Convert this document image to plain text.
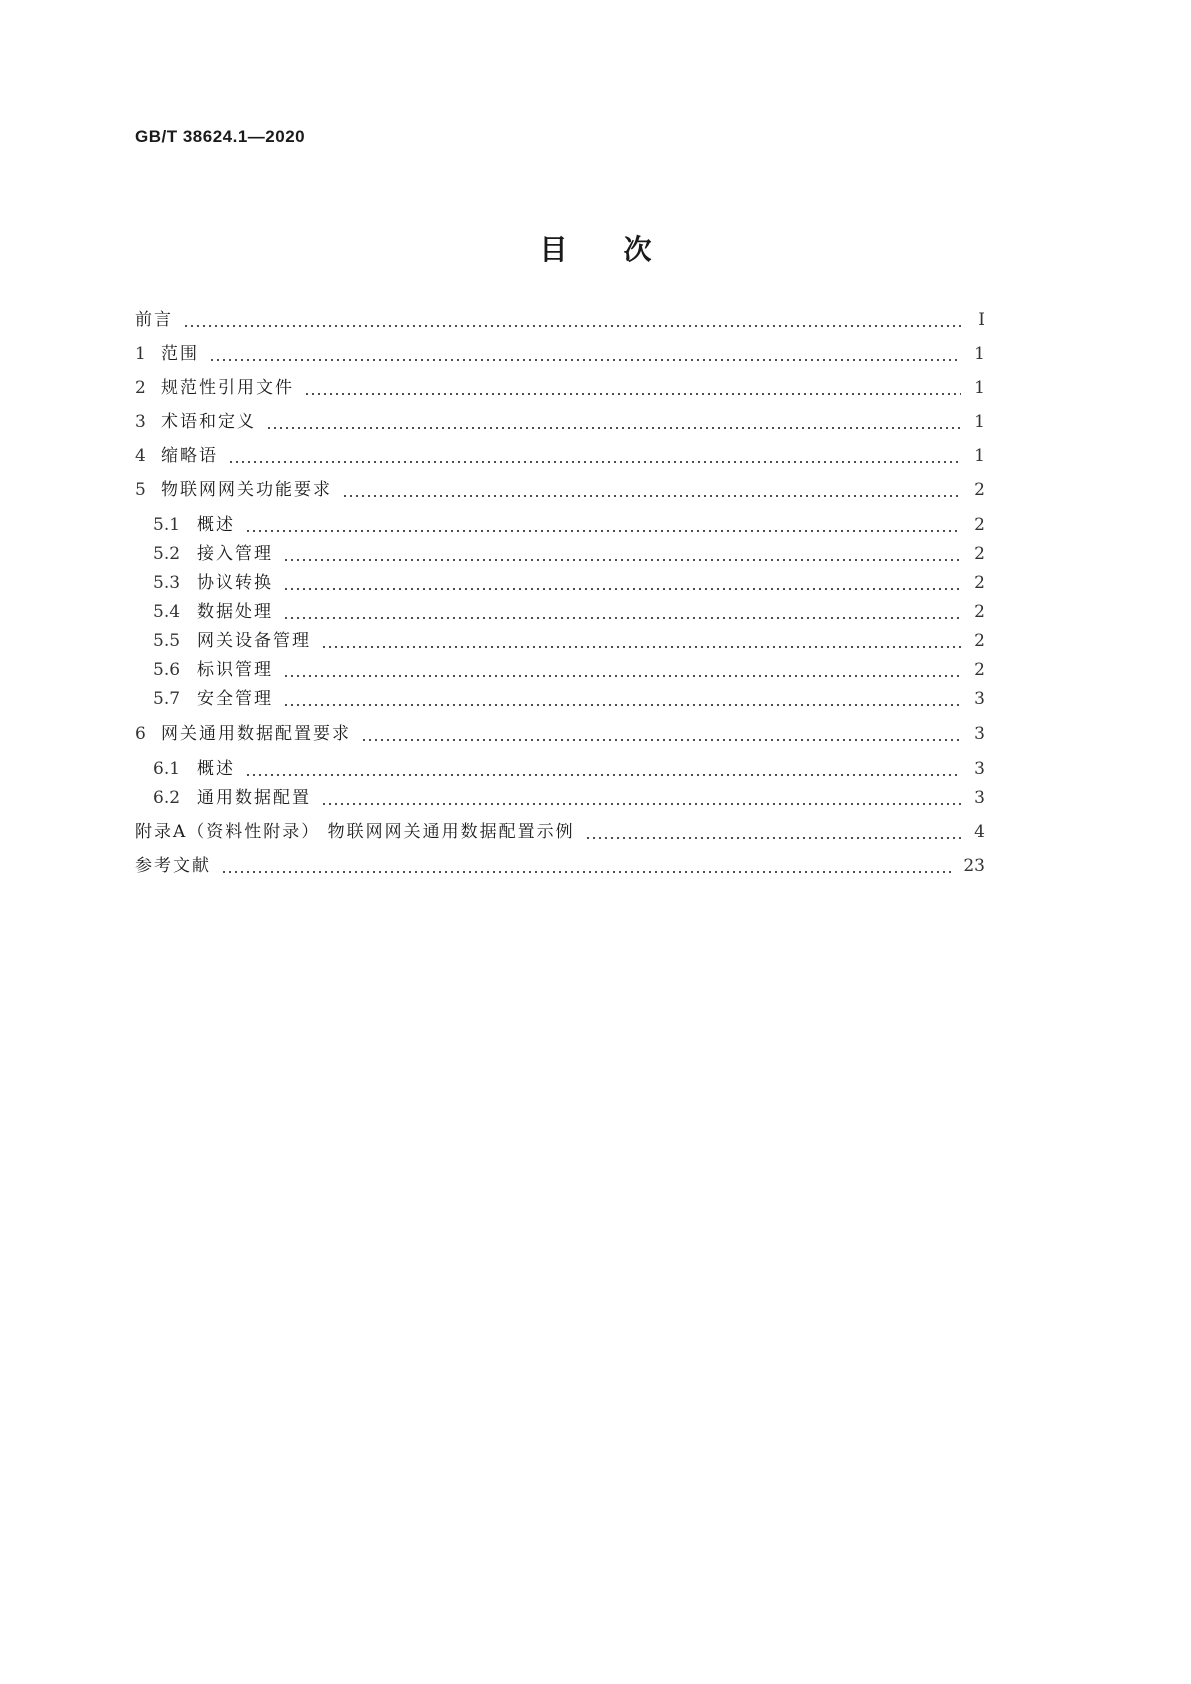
GB/T 38624.1—2020
目次
前言	Ⅰ
1 范围	1
2 规范性引用文件	1
3 术语和定义	1
4 缩略语	1
5 物联网网关功能要求	2
5.1 概述	2
5.2 接入管理	2
5.3 协议转换	2
5.4 数据处理	2
5.5 网关设备管理	2
5.6 标识管理	2
5.7 安全管理	3
6 网关通用数据配置要求	3
6.1 概述	3
6.2 通用数据配置	3
附录A（资料性附录） 物联网网关通用数据配置示例	4
参考文献	23
